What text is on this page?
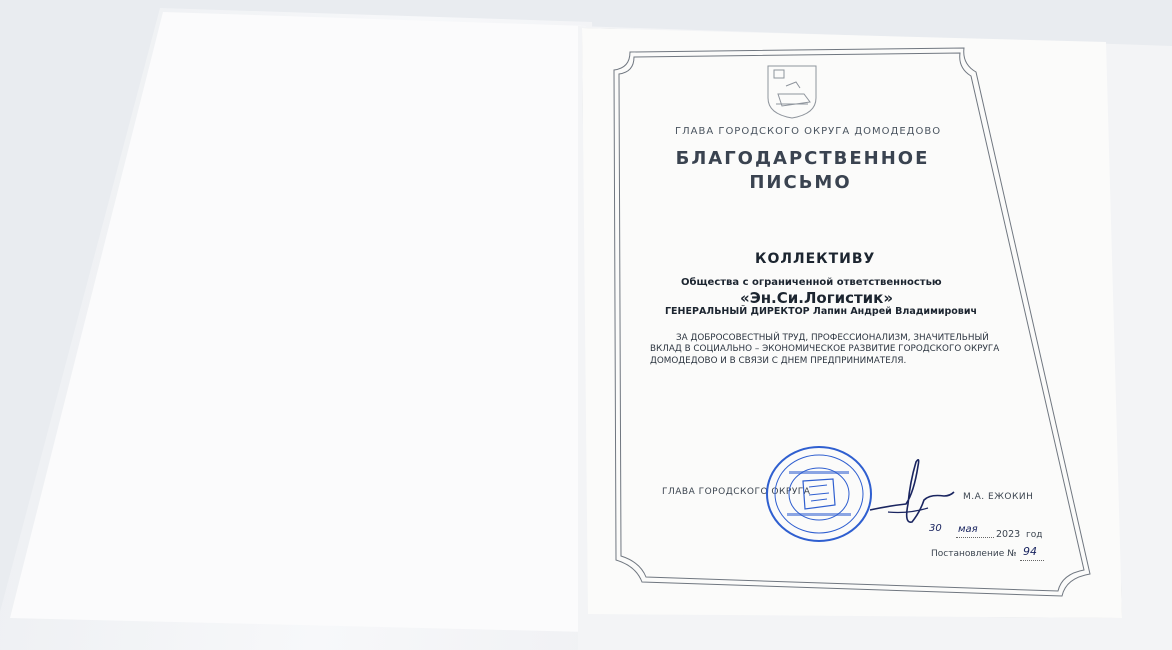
ГЛАВА ГОРОДСКОГО ОКРУГА ДОМОДЕДОВО
БЛАГОДАРСТВЕННОЕ
ПИСЬМО
КОЛЛЕКТИВУ
Общества с ограниченной ответственностью
«Эн.Си.Логистик»
ГЕНЕРАЛЬНЫЙ ДИРЕКТОР Лапин Андрей Владимирович
ЗА ДОБРОСОВЕСТНЫЙ ТРУД, ПРОФЕССИОНАЛИЗМ, ЗНАЧИТЕЛЬНЫЙ
ВКЛАД В СОЦИАЛЬНО – ЭКОНОМИЧЕСКОЕ РАЗВИТИЕ ГОРОДСКОГО ОКРУГА
ДОМОДЕДОВО И В СВЯЗИ С ДНЕМ ПРЕДПРИНИМАТЕЛЯ.
ГЛАВА ГОРОДСКОГО ОКРУГА	М.А. ЕЖОКИН
30 мая 2023 год
Постановление № 94
